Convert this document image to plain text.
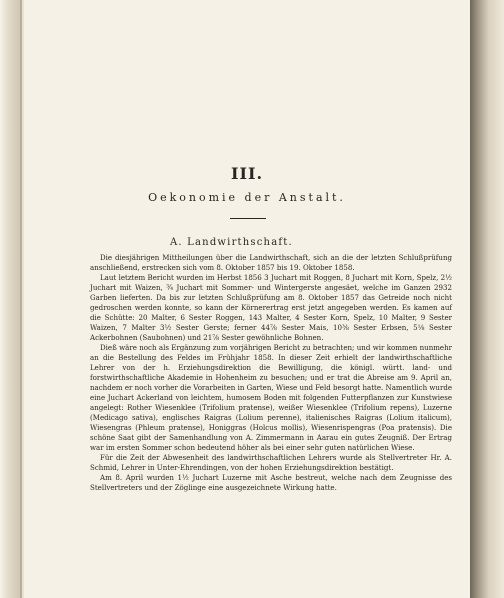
III.
Oekonomie der Anstalt.
A. Landwirthschaft.

Die diesjährigen Mittheilungen über die Landwirthschaft, sich an die der letzten Schlußprüfung anschließend, erstrecken sich vom 8. Oktober 1857 bis 19. Oktober 1858.

Laut letztem Bericht wurden im Herbst 1856 3 Juchart mit Roggen, 8 Juchart mit Korn, Spelz, 2½ Juchart mit Waizen, ¾ Juchart mit Sommer- und Wintergerste angesäet, welche im Ganzen 2932 Garben lieferten. Da bis zur letzten Schlußprüfung am 8. Oktober 1857 das Getreide noch nicht gedroschen werden konnte, so kann der Körnerertrag erst jetzt angegeben werden. Es kamen auf die Schütte: 20 Malter, 6 Sester Roggen, 143 Malter, 4 Sester Korn, Spelz, 10 Malter, 9 Sester Waizen, 7 Malter 3½ Sester Gerste; ferner 44⅞ Sester Mais, 10⅜ Sester Erbsen, 5⅛ Sester Ackerbohnen (Saubohnen) und 21⅞ Sester gewöhnliche Bohnen.

Dieß wäre noch als Ergänzung zum vorjährigen Bericht zu betrachten; und wir kommen nunmehr an die Bestellung des Feldes im Frühjahr 1858. In dieser Zeit erhielt der landwirthschaftliche Lehrer von der h. Erziehungsdirektion die Bewilligung, die königl. württ. land- und forstwirthschaftliche Akademie in Hohenheim zu besuchen; und er trat die Abreise am 9. April an, nachdem er noch vorher die Vorarbeiten in Garten, Wiese und Feld besorgt hatte. Namentlich wurde eine Juchart Ackerland von leichtem, humosem Boden mit folgenden Futterpflanzen zur Kunstwiese angelegt: Rother Wiesenklee (Trifolium pratense), weißer Wiesenklee (Trifolium repens), Luzerne (Medicago sativa), englisches Raigras (Lolium perenne), italienisches Raigras (Lolium italicum), Wiesengras (Phleum pratense), Honiggras (Holcus mollis), Wiesenrispengras (Poa pratensis). Die schöne Saat gibt der Samenhandlung von A. Zimmermann in Aarau ein gutes Zeugniß. Der Ertrag war im ersten Sommer schon bedeutend höher als bei einer sehr guten natürlichen Wiese.

Für die Zeit der Abwesenheit des landwirthschaftlichen Lehrers wurde als Stellvertreter Hr. A. Schmid, Lehrer in Unter-Ehrendingen, von der hohen Erziehungsdirektion bestätigt.

Am 8. April wurden 1½ Juchart Luzerne mit Asche bestreut, welche nach dem Zeugnisse des Stellvertreters und der Zöglinge eine ausgezeichnete Wirkung hatte.
